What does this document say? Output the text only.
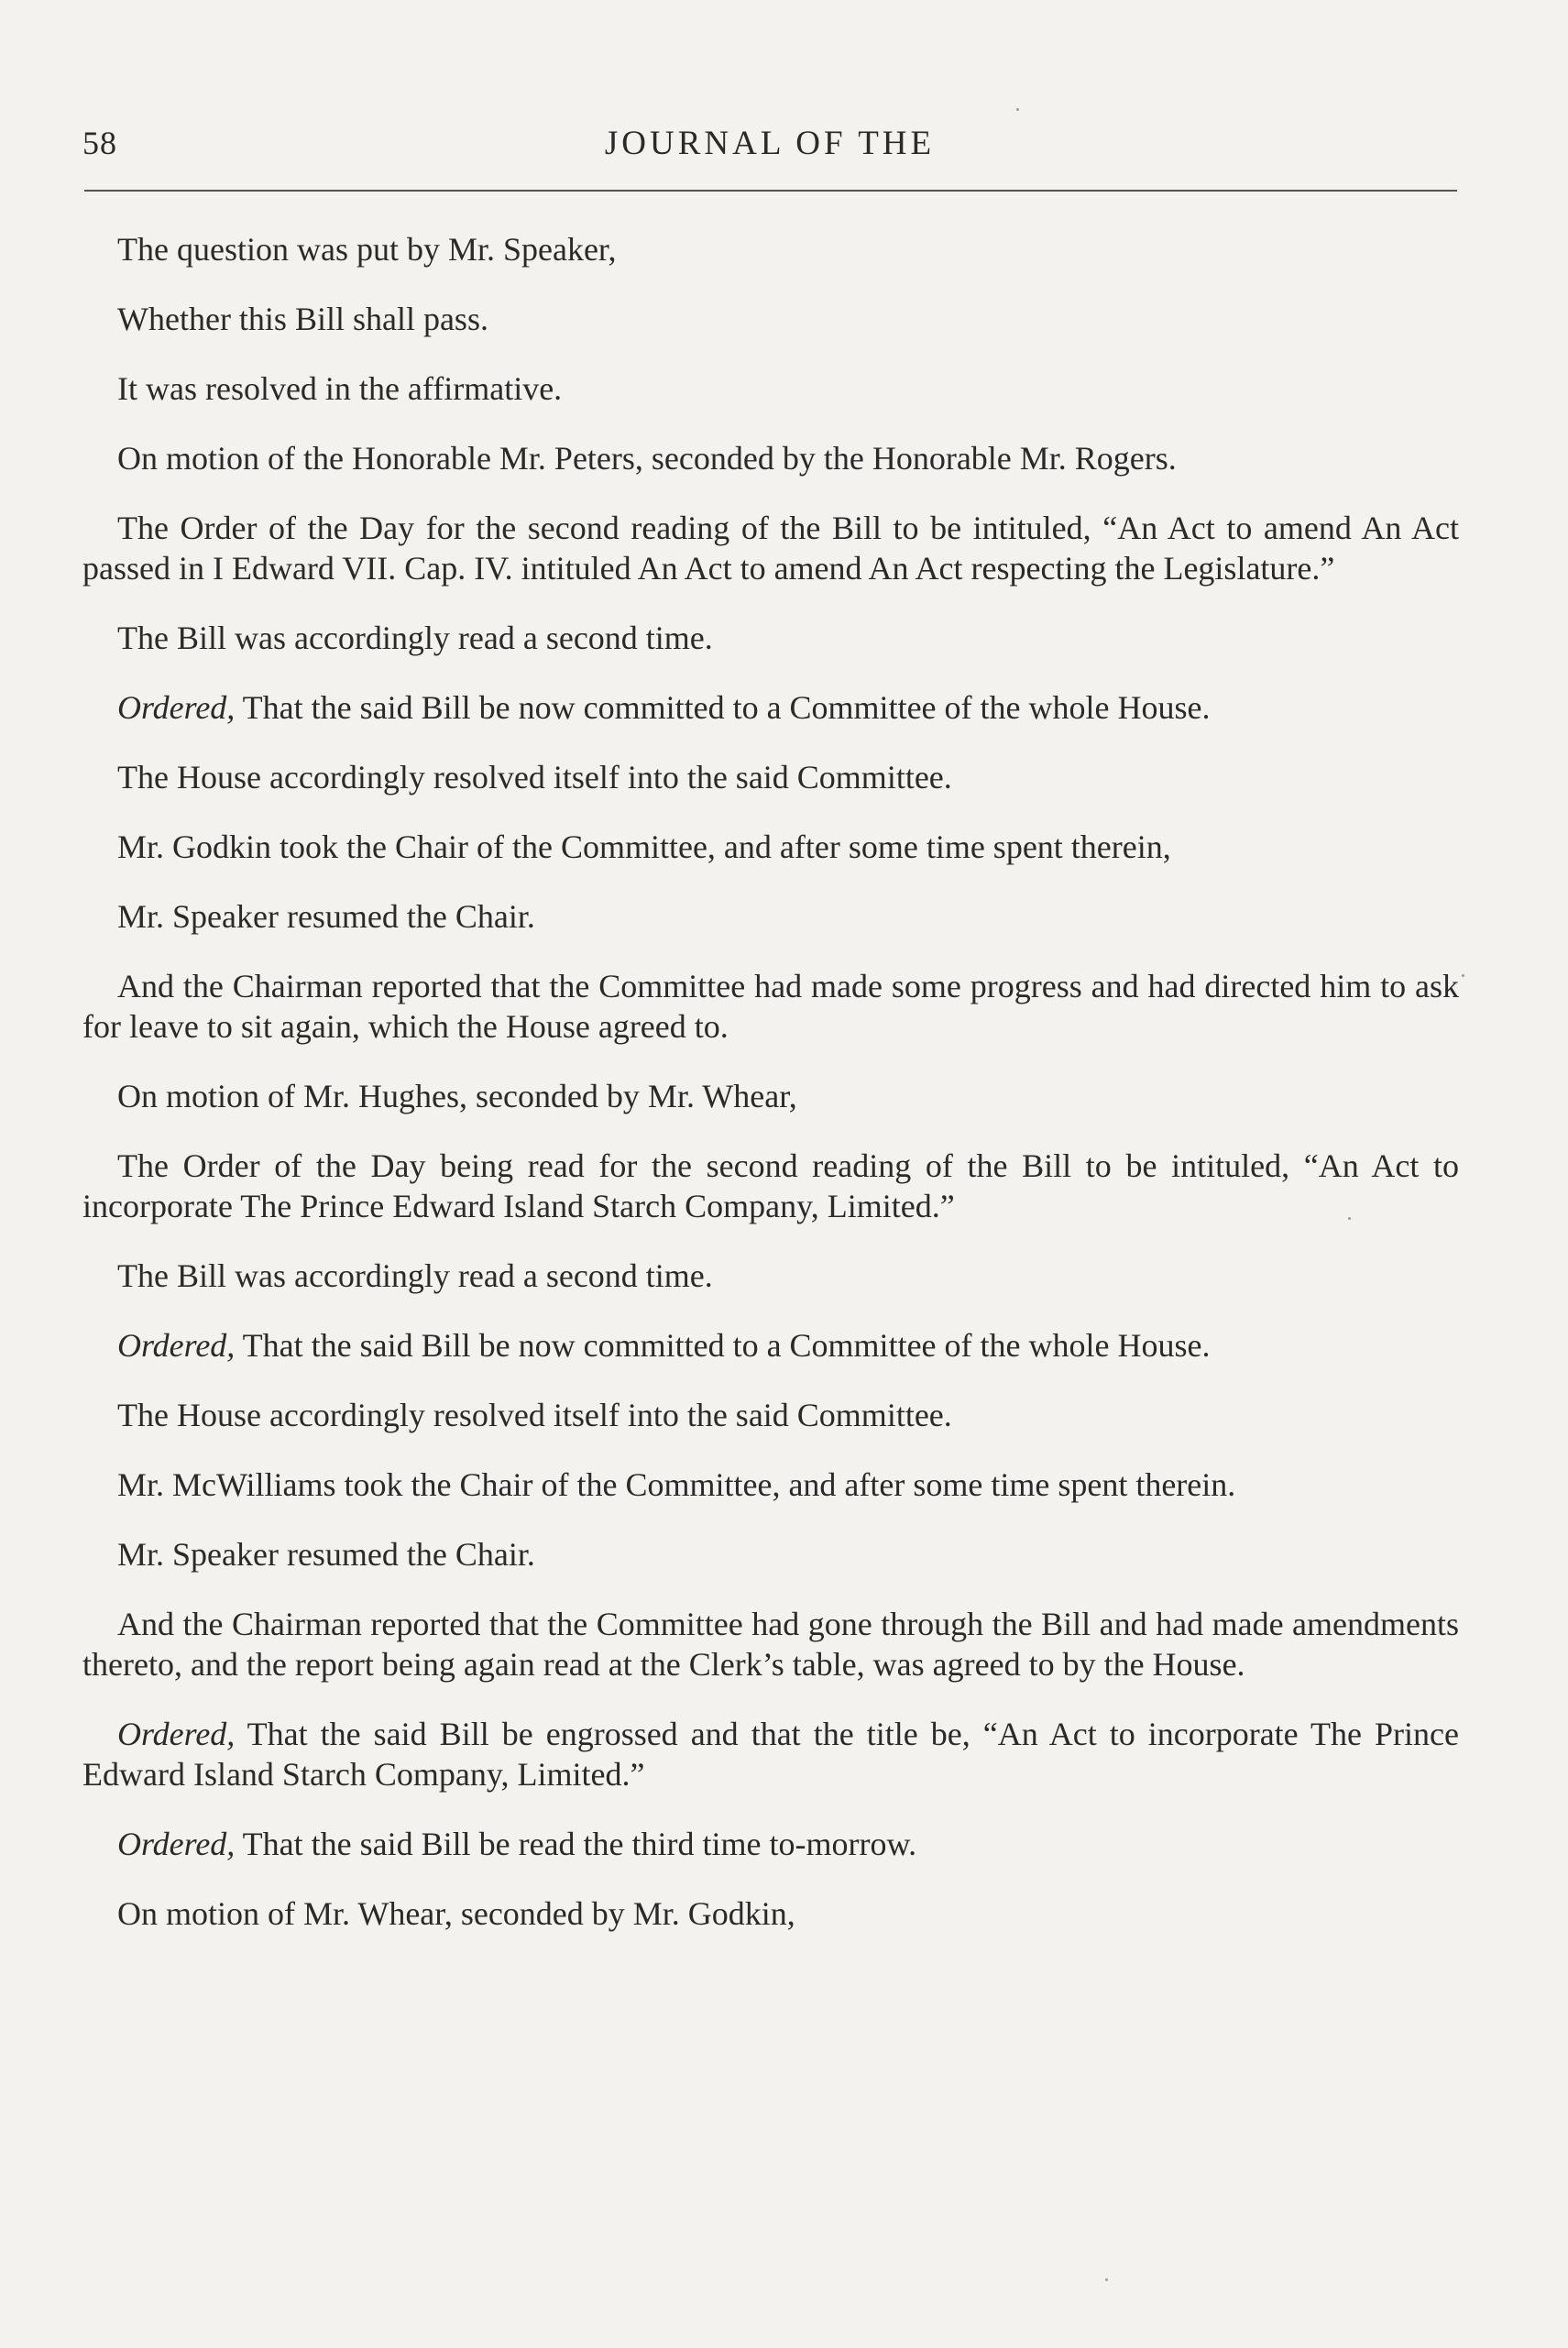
58	JOURNAL OF THE

The question was put by Mr. Speaker,

Whether this Bill shall pass.

It was resolved in the affirmative.

On motion of the Honorable Mr. Peters, seconded by the Honorable Mr. Rogers.

The Order of the Day for the second reading of the Bill to be intituled, “An Act to amend An Act passed in I Edward VII. Cap. IV. intituled An Act to amend An Act respecting the Legislature.”

The Bill was accordingly read a second time.

Ordered, That the said Bill be now committed to a Committee of the whole House.

The House accordingly resolved itself into the said Committee.

Mr. Godkin took the Chair of the Committee, and after some time spent therein,

Mr. Speaker resumed the Chair.

And the Chairman reported that the Committee had made some progress and had directed him to ask for leave to sit again, which the House agreed to.

On motion of Mr. Hughes, seconded by Mr. Whear,

The Order of the Day being read for the second reading of the Bill to be intituled, “An Act to incorporate The Prince Edward Island Starch Company, Limited.”

The Bill was accordingly read a second time.

Ordered, That the said Bill be now committed to a Committee of the whole House.

The House accordingly resolved itself into the said Committee.

Mr. McWilliams took the Chair of the Committee, and after some time spent therein.

Mr. Speaker resumed the Chair.

And the Chairman reported that the Committee had gone through the Bill and had made amendments thereto, and the report being again read at the Clerk’s table, was agreed to by the House.

Ordered, That the said Bill be engrossed and that the title be, “An Act to incorporate The Prince Edward Island Starch Company, Limited.”

Ordered, That the said Bill be read the third time to-morrow.

On motion of Mr. Whear, seconded by Mr. Godkin,
